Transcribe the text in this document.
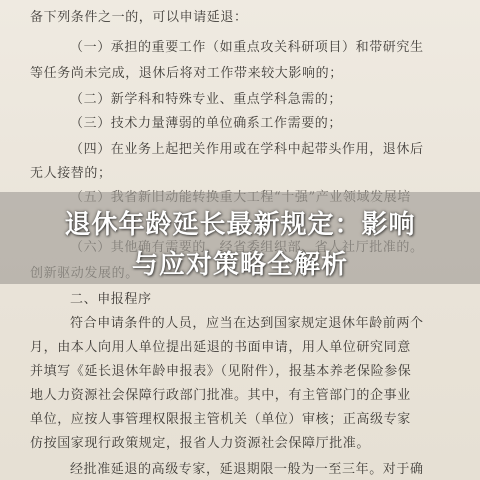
备下列条件之一的，可以申请延退：
（一）承担的重要工作（如重点攻关科研项目）和带研究生
等任务尚未完成，退休后将对工作带来较大影响的；
（二）新学科和特殊专业、重点学科急需的；
（三）技术力量薄弱的单位确系工作需要的；
（四）在业务上起把关作用或在学科中起带头作用，退休后
无人接替的；
二、申报程序
符合申请条件的人员，应当在达到国家规定退休年龄前两个
月，由本人向用人单位提出延退的书面申请，用人单位研究同意
并填写《延长退休年龄申报表》（见附件），报基本养老保险参保
地人力资源社会保障行政部门批准。其中，有主管部门的企事业
单位，应按人事管理权限报主管机关（单位）审核；正高级专家
仿按国家现行政策规定，报省人力资源社会保障厅批准。
经批准延退的高级专家，延退期限一般为一至三年。对于确
退休年龄延长最新规定：影响
与应对策略全解析
